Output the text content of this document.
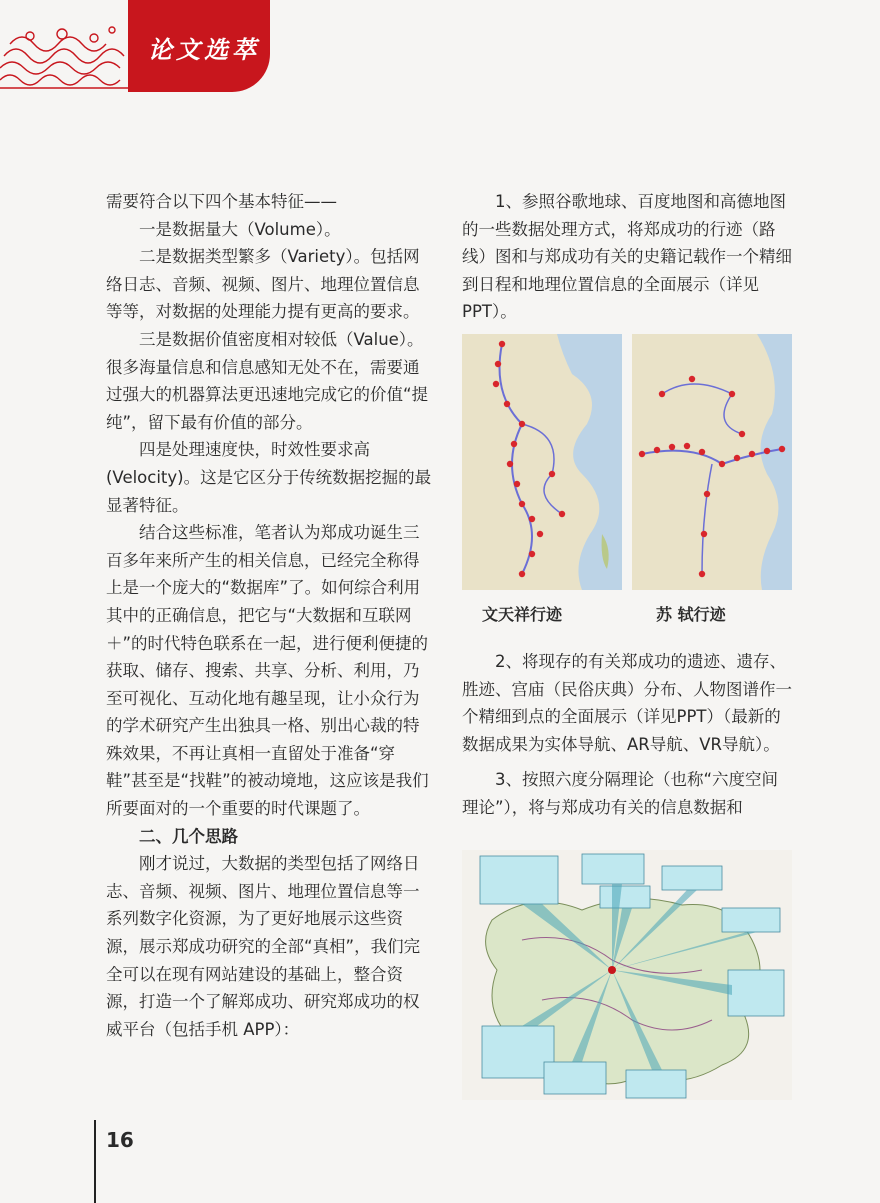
论文选萃

需要符合以下四个基本特征——

一是数据量大（Volume）。

二是数据类型繁多（Variety）。包括网络日志、音频、视频、图片、地理位置信息等等，对数据的处理能力提有更高的要求。

三是数据价值密度相对较低（Value）。很多海量信息和信息感知无处不在，需要通过强大的机器算法更迅速地完成它的价值“提纯”，留下最有价值的部分。

四是处理速度快，时效性要求高(Velocity)。这是它区分于传统数据挖掘的最显著特征。

结合这些标准，笔者认为郑成功诞生三百多年来所产生的相关信息，已经完全称得上是一个庞大的“数据库”了。如何综合利用其中的正确信息，把它与“大数据和互联网＋”的时代特色联系在一起，进行便利便捷的获取、储存、搜索、共享、分析、利用，乃至可视化、互动化地有趣呈现，让小众行为的学术研究产生出独具一格、别出心裁的特殊效果，不再让真相一直留处于准备“穿鞋”甚至是“找鞋”的被动境地，这应该是我们所要面对的一个重要的时代课题了。

二、几个思路

刚才说过，大数据的类型包括了网络日志、音频、视频、图片、地理位置信息等一系列数字化资源，为了更好地展示这些资源，展示郑成功研究的全部“真相”，我们完全可以在现有网站建设的基础上，整合资源，打造一个了解郑成功、研究郑成功的权威平台（包括手机 APP）：

1、参照谷歌地球、百度地图和高德地图的一些数据处理方式，将郑成功的行迹（路线）图和与郑成功有关的史籍记载作一个精细到日程和地理位置信息的全面展示（详见 PPT）。

文天祥行迹	苏 轼行迹

2、将现存的有关郑成功的遗迹、遗存、胜迹、宫庙（民俗庆典）分布、人物图谱作一个精细到点的全面展示（详见PPT）（最新的数据成果为实体导航、AR导航、VR导航）。

3、按照六度分隔理论（也称“六度空间理论”），将与郑成功有关的信息数据和

16
